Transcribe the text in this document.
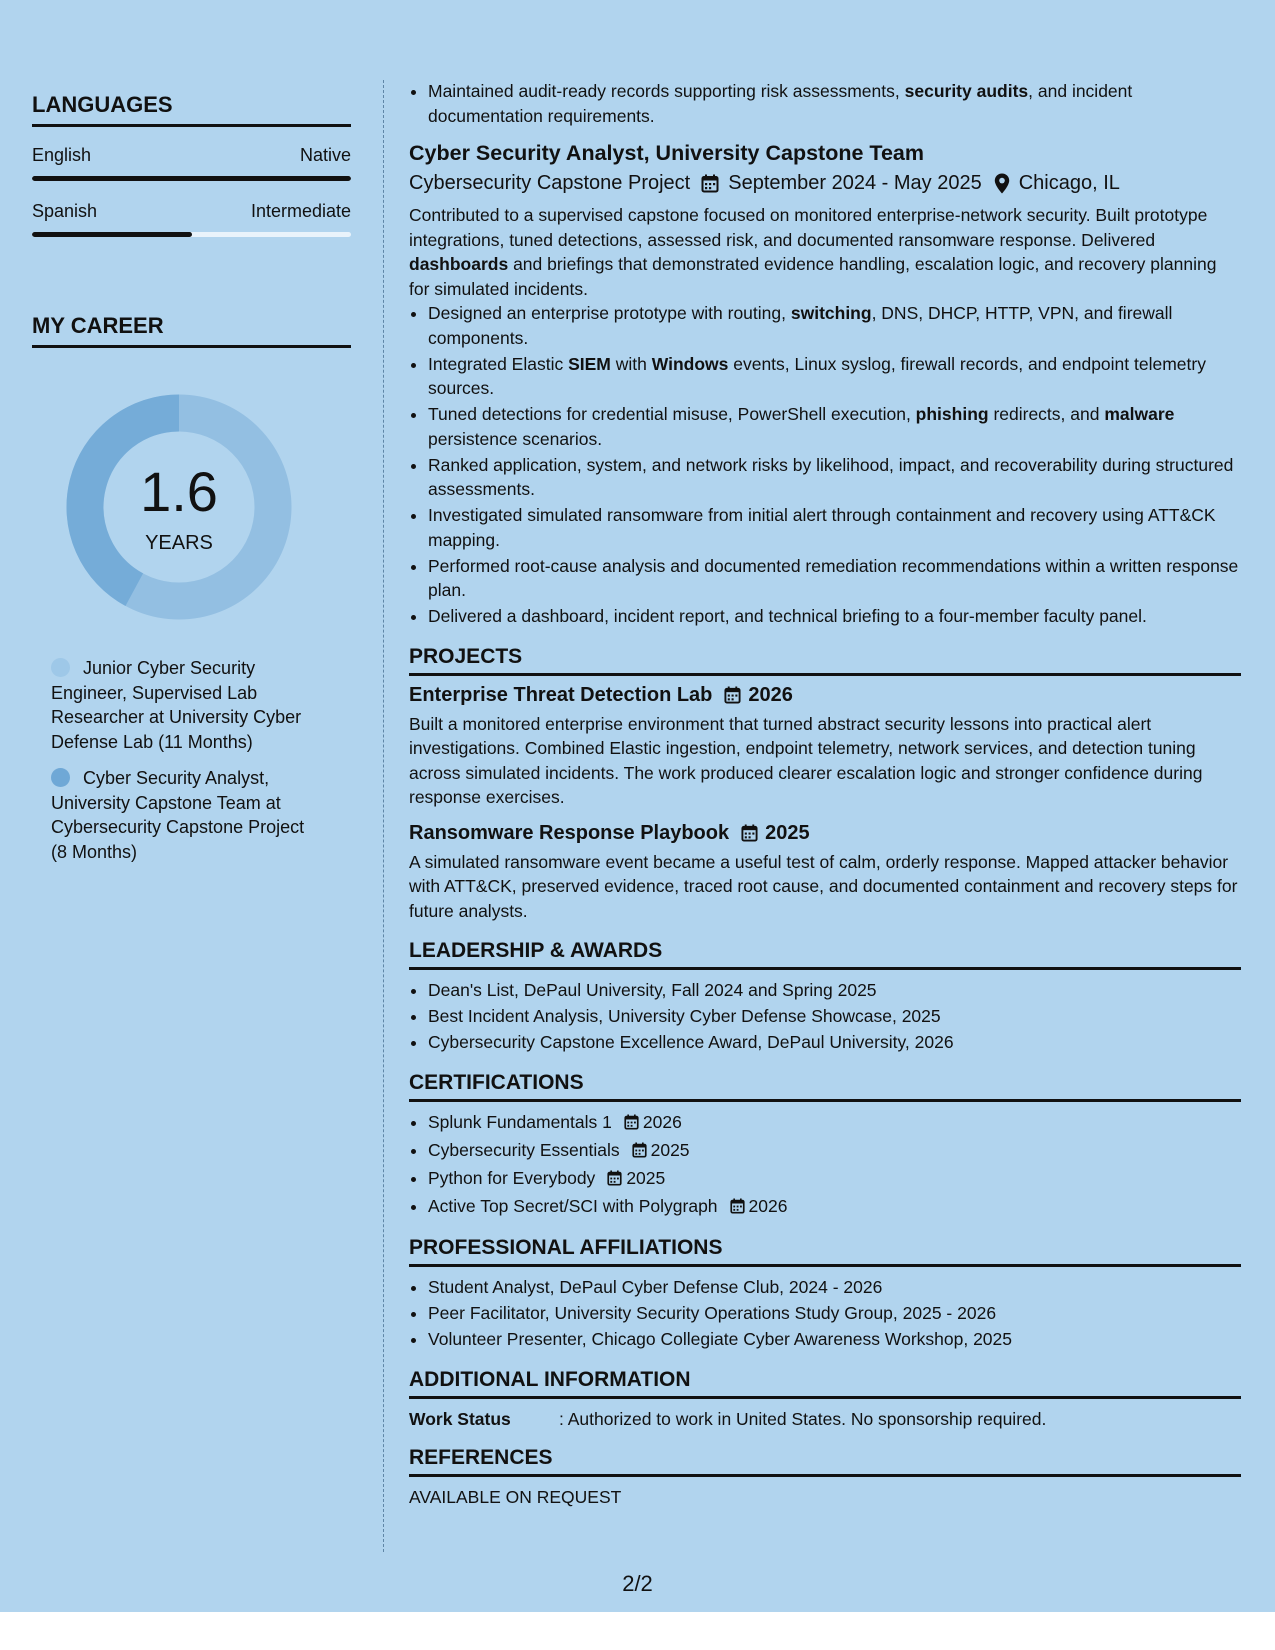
LANGUAGES
English	Native
Spanish	Intermediate
MY CAREER
1.6
YEARS
Junior Cyber Security Engineer, Supervised Lab Researcher at University Cyber Defense Lab (11 Months)
Cyber Security Analyst, University Capstone Team at Cybersecurity Capstone Project (8 Months)
• Maintained audit-ready records supporting risk assessments, security audits, and incident documentation requirements.
Cyber Security Analyst, University Capstone Team
Cybersecurity Capstone Project September 2024 - May 2025 Chicago, IL
Contributed to a supervised capstone focused on monitored enterprise-network security. Built prototype integrations, tuned detections, assessed risk, and documented ransomware response. Delivered dashboards and briefings that demonstrated evidence handling, escalation logic, and recovery planning for simulated incidents.
• Designed an enterprise prototype with routing, switching, DNS, DHCP, HTTP, VPN, and firewall components.
• Integrated Elastic SIEM with Windows events, Linux syslog, firewall records, and endpoint telemetry sources.
• Tuned detections for credential misuse, PowerShell execution, phishing redirects, and malware persistence scenarios.
• Ranked application, system, and network risks by likelihood, impact, and recoverability during structured assessments.
• Investigated simulated ransomware from initial alert through containment and recovery using ATT&CK mapping.
• Performed root-cause analysis and documented remediation recommendations within a written response plan.
• Delivered a dashboard, incident report, and technical briefing to a four-member faculty panel.
PROJECTS
Enterprise Threat Detection Lab 2026
Built a monitored enterprise environment that turned abstract security lessons into practical alert investigations. Combined Elastic ingestion, endpoint telemetry, network services, and detection tuning across simulated incidents. The work produced clearer escalation logic and stronger confidence during response exercises.
Ransomware Response Playbook 2025
A simulated ransomware event became a useful test of calm, orderly response. Mapped attacker behavior with ATT&CK, preserved evidence, traced root cause, and documented containment and recovery steps for future analysts.
LEADERSHIP & AWARDS
• Dean's List, DePaul University, Fall 2024 and Spring 2025
• Best Incident Analysis, University Cyber Defense Showcase, 2025
• Cybersecurity Capstone Excellence Award, DePaul University, 2026
CERTIFICATIONS
• Splunk Fundamentals 1 2026
• Cybersecurity Essentials 2025
• Python for Everybody 2025
• Active Top Secret/SCI with Polygraph 2026
PROFESSIONAL AFFILIATIONS
• Student Analyst, DePaul Cyber Defense Club, 2024 - 2026
• Peer Facilitator, University Security Operations Study Group, 2025 - 2026
• Volunteer Presenter, Chicago Collegiate Cyber Awareness Workshop, 2025
ADDITIONAL INFORMATION
Work Status	: Authorized to work in United States. No sponsorship required.
REFERENCES
AVAILABLE ON REQUEST
2/2
